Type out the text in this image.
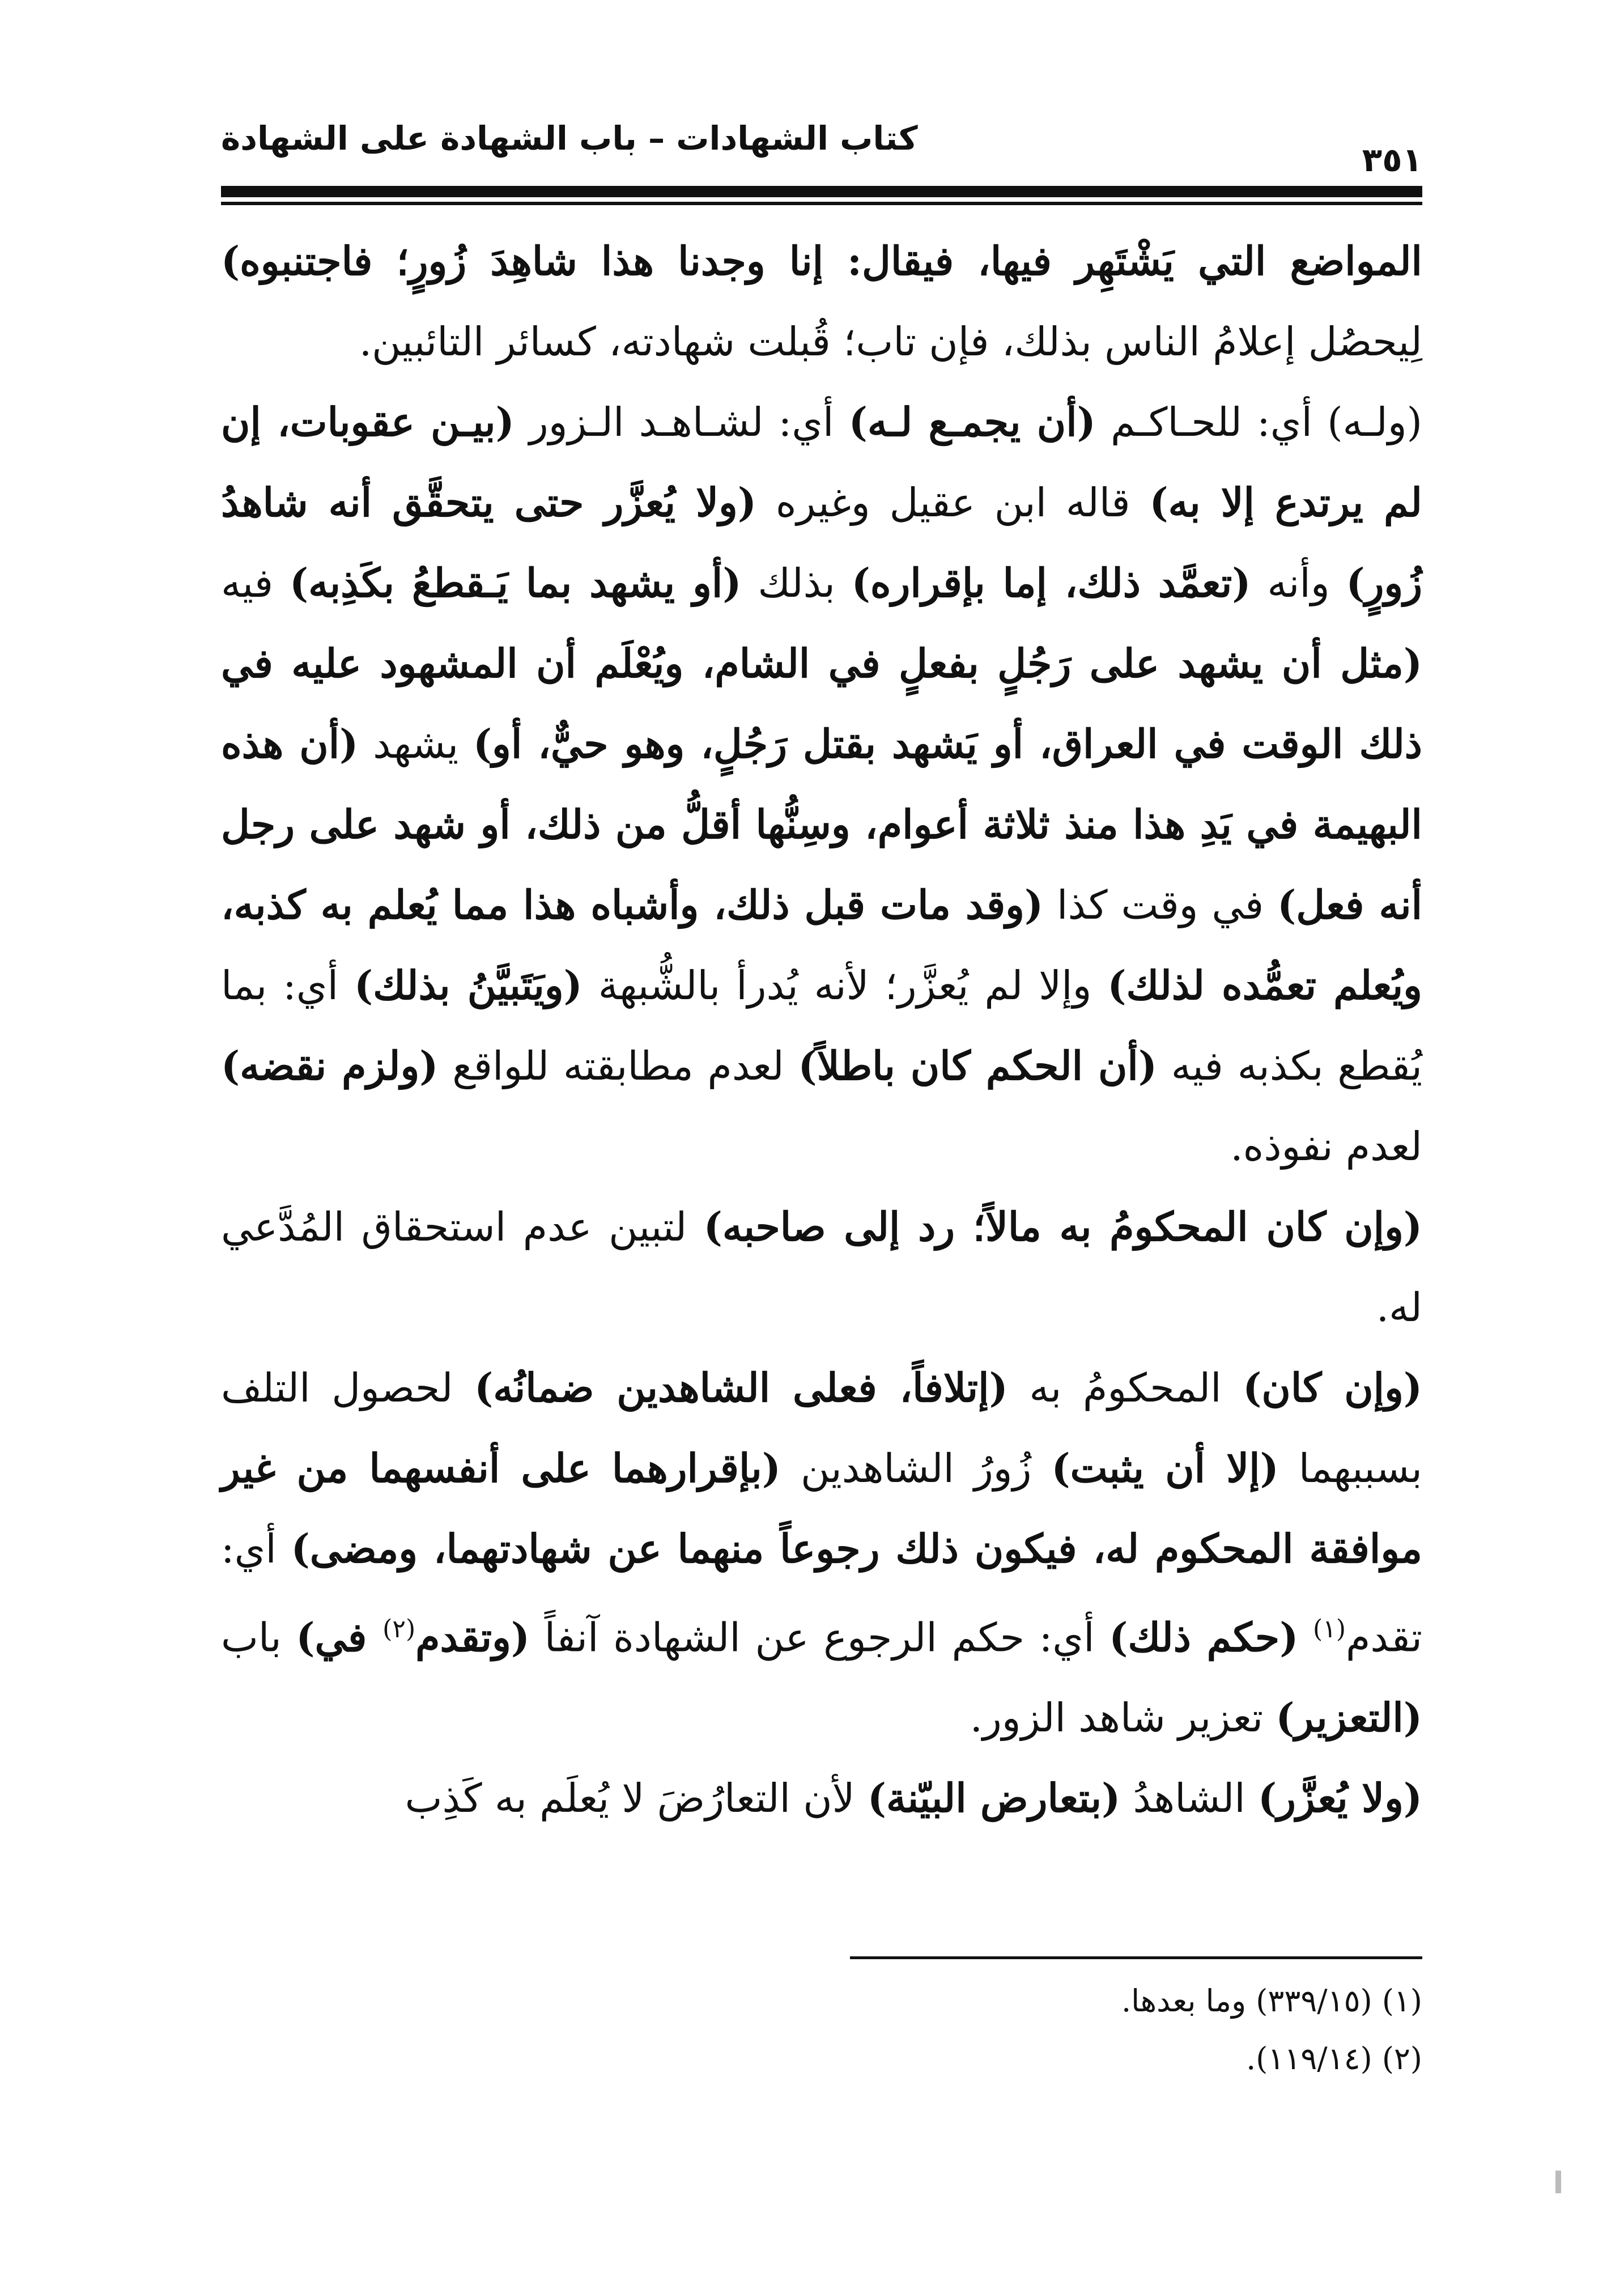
٣٥١
كتاب الشهادات – باب الشهادة على الشهادة

المواضع التي يَشْتَهِر فيها، فيقال: إنا وجدنا هذا شاهِدَ زُورٍ؛ فاجتنبوه) لِيحصُل إعلامُ الناس بذلك، فإن تاب؛ قُبلت شهادته، كسائر التائبين.

(ولـه) أي: للحـاكـم (أن يجمـع لـه) أي: لشـاهـد الـزور (بيـن عقوبات، إن لم يرتدع إلا به) قاله ابن عقيل وغيره (ولا يُعزَّر حتى يتحقَّق أنه شاهدُ زُورٍ) وأنه (تعمَّد ذلك، إما بإقراره) بذلك (أو يشهد بما يَـقطعُ بكَذِبه) فيه (مثل أن يشهد على رَجُلٍ بفعلٍ في الشام، ويُعْلَم أن المشهود عليه في ذلك الوقت في العراق، أو يَشهد بقتل رَجُلٍ، وهو حيٌّ، أو) يشهد (أن هذه البهيمة في يَدِ هذا منذ ثلاثة أعوام، وسِنُّها أقلُّ من ذلك، أو شهد على رجل أنه فعل) في وقت كذا (وقد مات قبل ذلك، وأشباه هذا مما يُعلم به كذبه، ويُعلم تعمُّده لذلك) وإلا لم يُعزَّر؛ لأنه يُدرأ بالشُّبهة (ويَتَبيَّنُ بذلك) أي: بما يُقطع بكذبه فيه (أن الحكم كان باطلاً) لعدم مطابقته للواقع (ولزم نقضه) لعدم نفوذه.

(وإن كان المحكومُ به مالاً؛ رد إلى صاحبه) لتبين عدم استحقاق المُدَّعي له.

(وإن كان) المحكومُ به (إتلافاً، فعلى الشاهدين ضمانُه) لحصول التلف بسببهما (إلا أن يثبت) زُورُ الشاهدين (بإقرارهما على أنفسهما من غير موافقة المحكوم له، فيكون ذلك رجوعاً منهما عن شهادتهما، ومضى) أي: تقدم$^{(١)}$ (حكم ذلك) أي: حكم الرجوع عن الشهادة آنفاً (وتقدم$^{(٢)}$ في) باب (التعزير) تعزير شاهد الزور.

(ولا يُعزَّر) الشاهدُ (بتعارض البيّنة) لأن التعارُضَ لا يُعلَم به كَذِب

(١) (٣٣٩/١٥) وما بعدها.

(٢) (١١٩/١٤).
